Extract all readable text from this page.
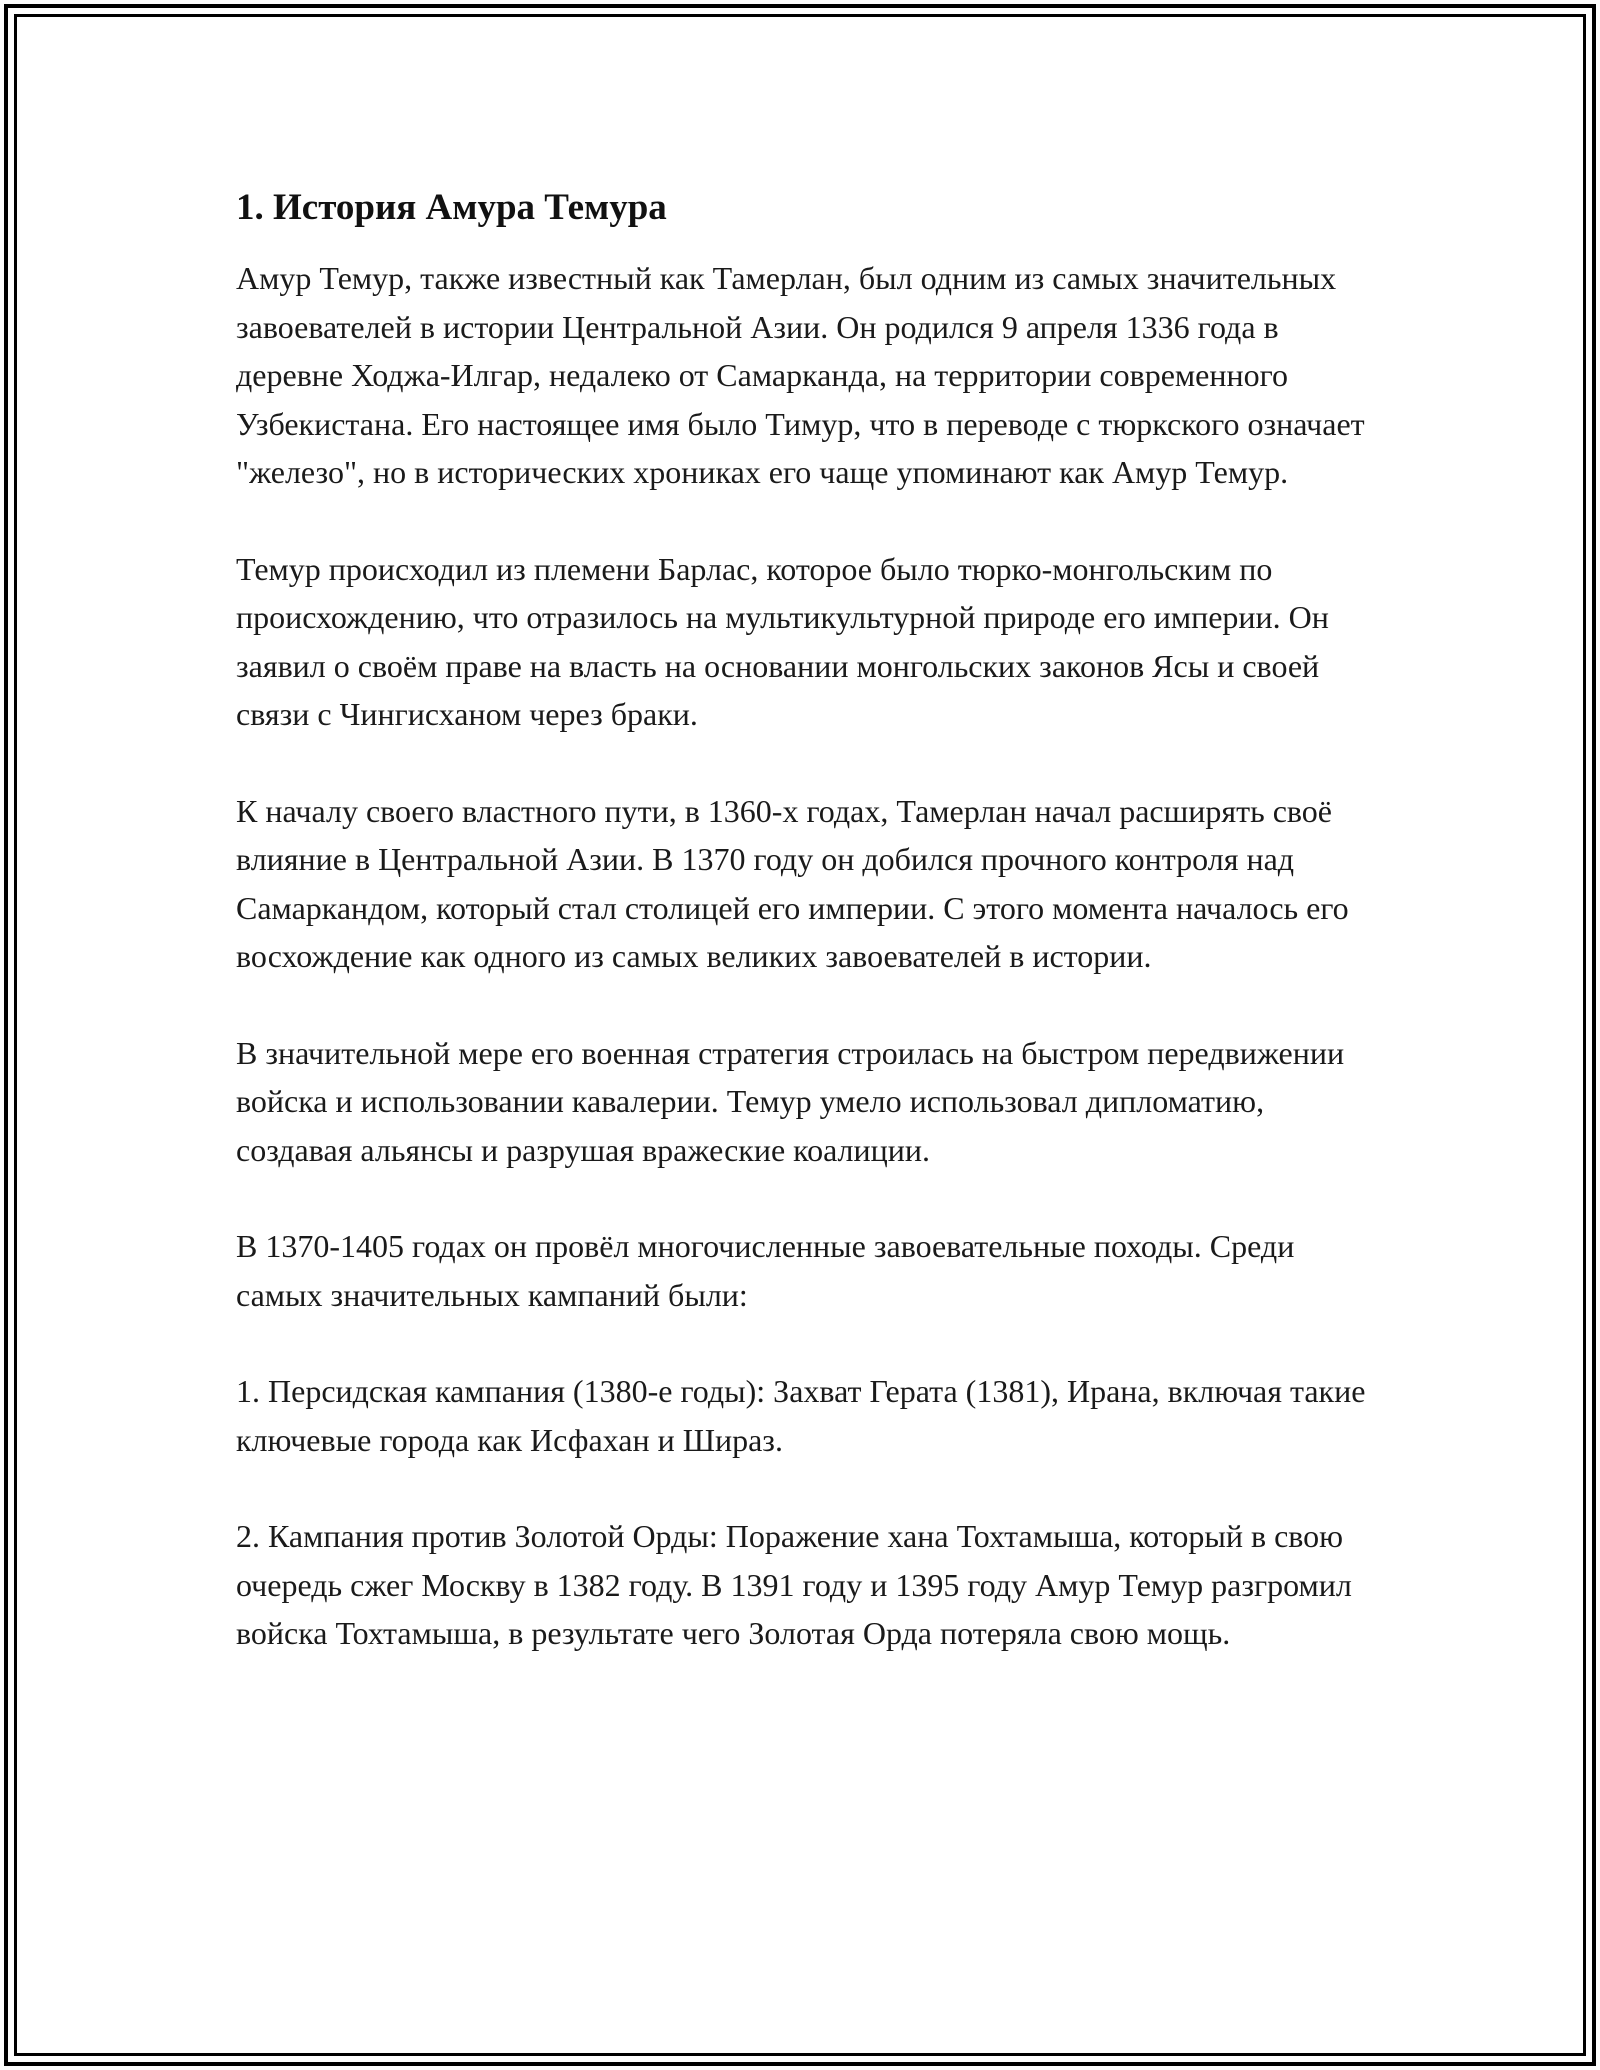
1. История Амура Темура

Амур Темур, также известный как Тамерлан, был одним из самых значительных завоевателей в истории Центральной Азии. Он родился 9 апреля 1336 года в деревне Ходжа-Илгар, недалеко от Самарканда, на территории современного Узбекистана. Его настоящее имя было Тимур, что в переводе с тюркского означает "железо", но в исторических хрониках его чаще упоминают как Амур Темур.

Темур происходил из племени Барлас, которое было тюрко-монгольским по происхождению, что отразилось на мультикультурной природе его империи. Он заявил о своём праве на власть на основании монгольских законов Ясы и своей связи с Чингисханом через браки.

К началу своего властного пути, в 1360-х годах, Тамерлан начал расширять своё влияние в Центральной Азии. В 1370 году он добился прочного контроля над Самаркандом, который стал столицей его империи. С этого момента началось его восхождение как одного из самых великих завоевателей в истории.

В значительной мере его военная стратегия строилась на быстром передвижении войска и использовании кавалерии. Темур умело использовал дипломатию, создавая альянсы и разрушая вражеские коалиции.

В 1370-1405 годах он провёл многочисленные завоевательные походы. Среди самых значительных кампаний были:

1. Персидская кампания (1380-е годы): Захват Герата (1381), Ирана, включая такие ключевые города как Исфахан и Шираз.

2. Кампания против Золотой Орды: Поражение хана Тохтамыша, который в свою очередь сжег Москву в 1382 году. В 1391 году и 1395 году Амур Темур разгромил войска Тохтамыша, в результате чего Золотая Орда потеряла свою мощь.
